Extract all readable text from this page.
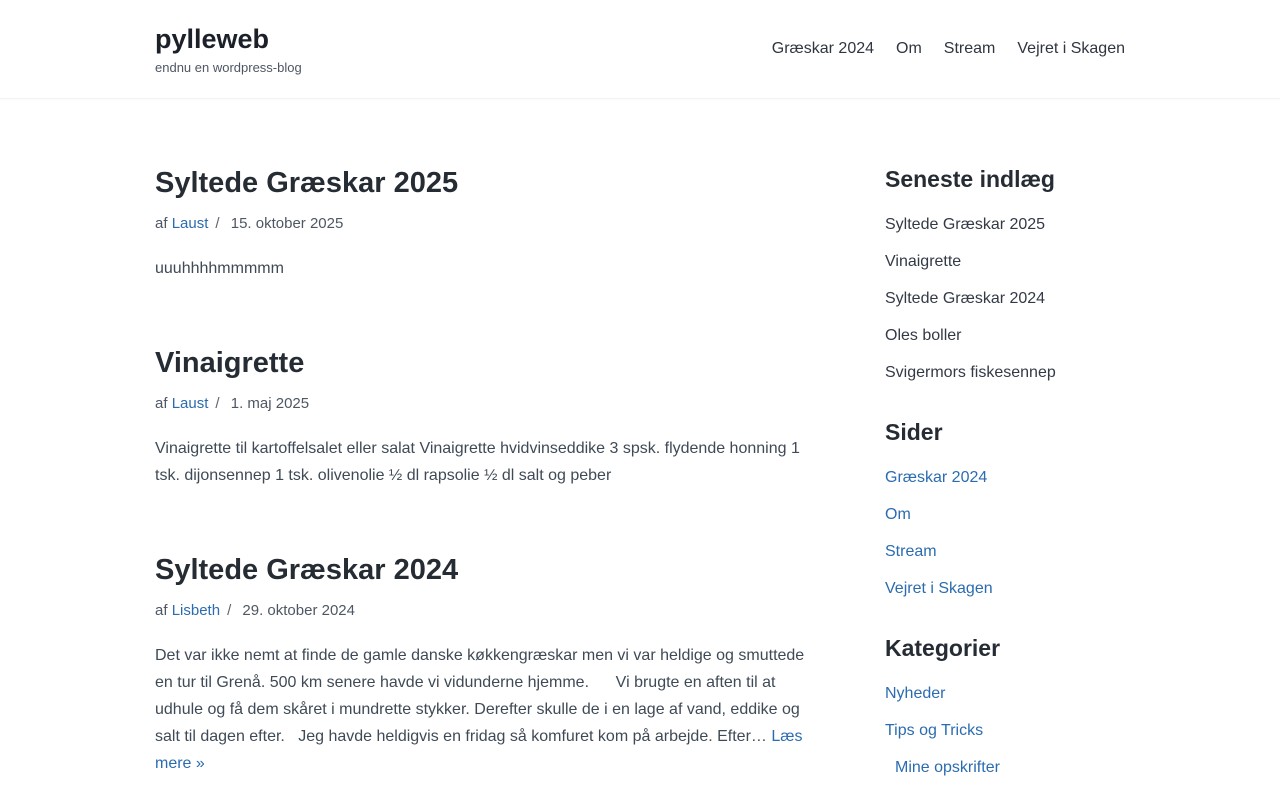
pylleweb

endnu en wordpress-blog

Græskar 2024 Om Stream Vejret i Skagen
Syltede Græskar 2025
af Laust / 15. oktober 2025

uuuhhhhmmmmm

Vinaigrette
af Laust / 1. maj 2025

Vinaigrette til kartoffelsalet eller salat Vinaigrette hvidvinseddike 3 spsk. flydende honning 1 tsk. dijonsennep 1 tsk. olivenolie ½ dl rapsolie ½ dl salt og peber

Syltede Græskar 2024
af Lisbeth / 29. oktober 2024

Det var ikke nemt at finde de gamle danske køkkengræskar men vi var heldige og smuttede en tur til Grenå. 500 km senere havde vi vidunderne hjemme.      Vi brugte en aften til at udhule og få dem skåret i mundrette stykker. Derefter skulle de i en lage af vand, eddike og salt til dagen efter.   Jeg havde heldigvis en fridag så komfuret kom på arbejde. Efter… Læs mere »

Seneste indlæg
Syltede Græskar 2025
Vinaigrette
Syltede Græskar 2024
Oles boller
Svigermors fiskesennep
Sider
Græskar 2024
Om
Stream
Vejret i Skagen
Kategorier
Nyheder
Tips og Tricks
Mine opskrifter
